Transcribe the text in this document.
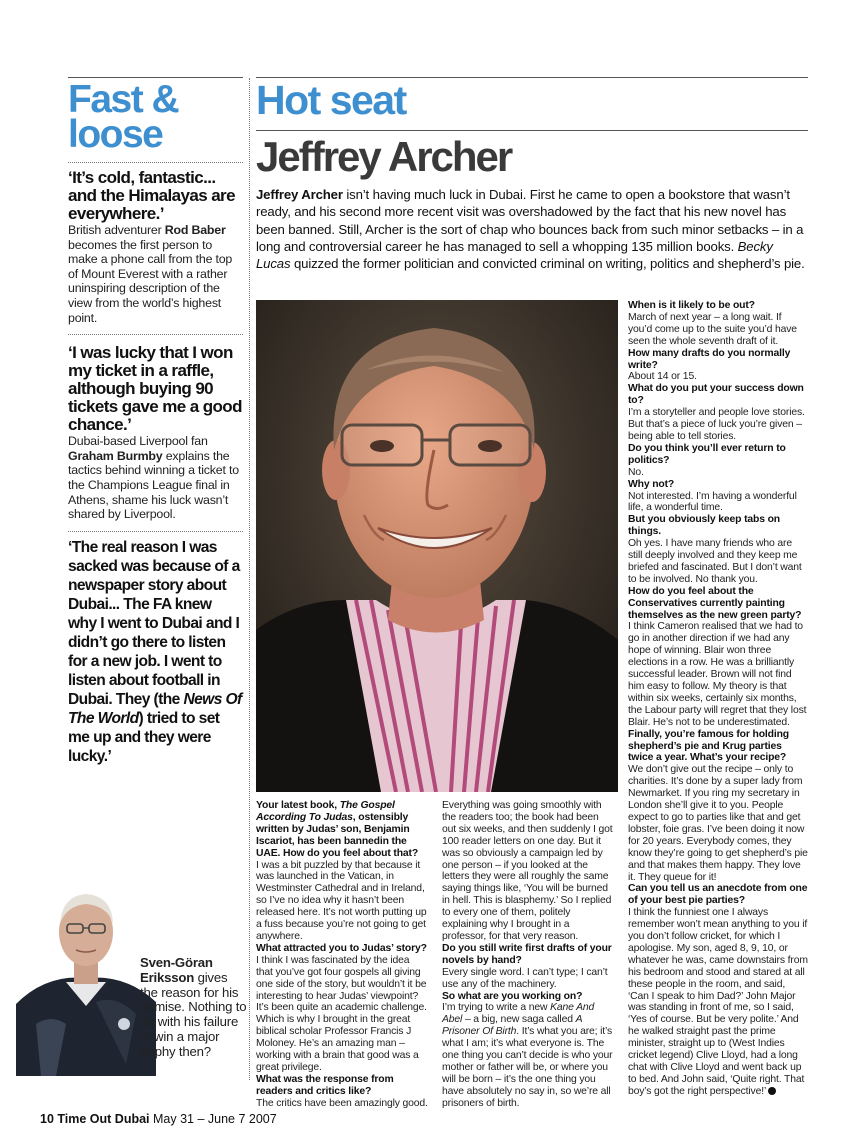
Fast &
loose
‘It’s cold, fantastic... and the Himalayas are everywhere.’
British adventurer Rod Baber becomes the first person to make a phone call from the top of Mount Everest with a rather uninspiring description of the view from the world’s highest point.
‘I was lucky that I won my ticket in a raffle, although buying 90 tickets gave me a good chance.’
Dubai-based Liverpool fan Graham Burmby explains the tactics behind winning a ticket to the Champions League final in Athens, shame his luck wasn’t shared by Liverpool.
‘The real reason I was sacked was because of a newspaper story about Dubai... The FA knew why I went to Dubai and I didn’t go there to listen for a new job. I went to listen about football in Dubai. They (the News Of The World) tried to set me up and they were lucky.’
Sven-Göran Eriksson gives the reason for his demise. Nothing to do with his failure to win a major trophy then?
Hot seat
Jeffrey Archer
Jeffrey Archer isn’t having much luck in Dubai. First he came to open a bookstore that wasn’t ready, and his second more recent visit was overshadowed by the fact that his new novel has been banned. Still, Archer is the sort of chap who bounces back from such minor setbacks – in a long and controversial career he has managed to sell a whopping 135 million books. Becky Lucas quizzed the former politician and convicted criminal on writing, politics and shepherd’s pie.

Your latest book, The Gospel According To Judas, ostensibly written by Judas’ son, Benjamin Iscariot, has been bannedin the UAE. How do you feel about that?

I was a bit puzzled by that because it was launched in the Vatican, in Westminster Cathedral and in Ireland, so I’ve no idea why it hasn’t been released here. It’s not worth putting up a fuss because you’re not going to get anywhere.

What attracted you to Judas’ story?

I think I was fascinated by the idea that you’ve got four gospels all giving one side of the story, but wouldn’t it be interesting to hear Judas’ viewpoint? It’s been quite an academic challenge. Which is why I brought in the great biblical scholar Professor Francis J Moloney. He’s an amazing man – working with a brain that good was a great privilege.

What was the response from readers and critics like?

The critics have been amazingly good.

Everything was going smoothly with the readers too; the book had been out six weeks, and then suddenly I got 100 reader letters on one day. But it was so obviously a campaign led by one person – if you looked at the letters they were all roughly the same saying things like, ‘You will be burned in hell. This is blasphemy.’ So I replied to every one of them, politely explaining why I brought in a professor, for that very reason.

Do you still write first drafts of your novels by hand?

Every single word. I can’t type; I can’t use any of the machinery.

So what are you working on?

I’m trying to write a new Kane And Abel – a big, new saga called A Prisoner Of Birth. It’s what you are; it’s what I am; it’s what everyone is. The one thing you can’t decide is who your mother or father will be, or where you will be born – it’s the one thing you have absolutely no say in, so we’re all prisoners of birth.

When is it likely to be out?

March of next year – a long wait. If you’d come up to the suite you’d have seen the whole seventh draft of it.

How many drafts do you normally write?

About 14 or 15.

What do you put your success down to?

I’m a storyteller and people love stories. But that’s a piece of luck you’re given – being able to tell stories.

Do you think you’ll ever return to politics?

No.

Why not?

Not interested. I’m having a wonderful life, a wonderful time.

But you obviously keep tabs on things.

Oh yes. I have many friends who are still deeply involved and they keep me briefed and fascinated. But I don’t want to be involved. No thank you.

How do you feel about the Conservatives currently painting themselves as the new green party?

I think Cameron realised that we had to go in another direction if we had any hope of winning. Blair won three elections in a row. He was a brilliantly successful leader. Brown will not find him easy to follow. My theory is that within six weeks, certainly six months, the Labour party will regret that they lost Blair. He’s not to be underestimated.

Finally, you’re famous for holding shepherd’s pie and Krug parties twice a year. What’s your recipe?

We don’t give out the recipe – only to charities. It’s done by a super lady from Newmarket. If you ring my secretary in London she’ll give it to you. People expect to go to parties like that and get lobster, foie gras. I’ve been doing it now for 20 years. Everybody comes, they know they’re going to get shepherd’s pie and that makes them happy. They love it. They queue for it!

Can you tell us an anecdote from one of your best pie parties?

I think the funniest one I always remember won’t mean anything to you if you don’t follow cricket, for which I apologise. My son, aged 8, 9, 10, or whatever he was, came downstairs from his bedroom and stood and stared at all these people in the room, and said, ‘Can I speak to him Dad?’ John Major was standing in front of me, so I said, ‘Yes of course. But be very polite.’ And he walked straight past the prime minister, straight up to (West Indies cricket legend) Clive Lloyd, had a long chat with Clive Lloyd and went back up to bed. And John said, ‘Quite right. That boy’s got the right perspective!’

10 Time Out Dubai May 31 – June 7 2007
